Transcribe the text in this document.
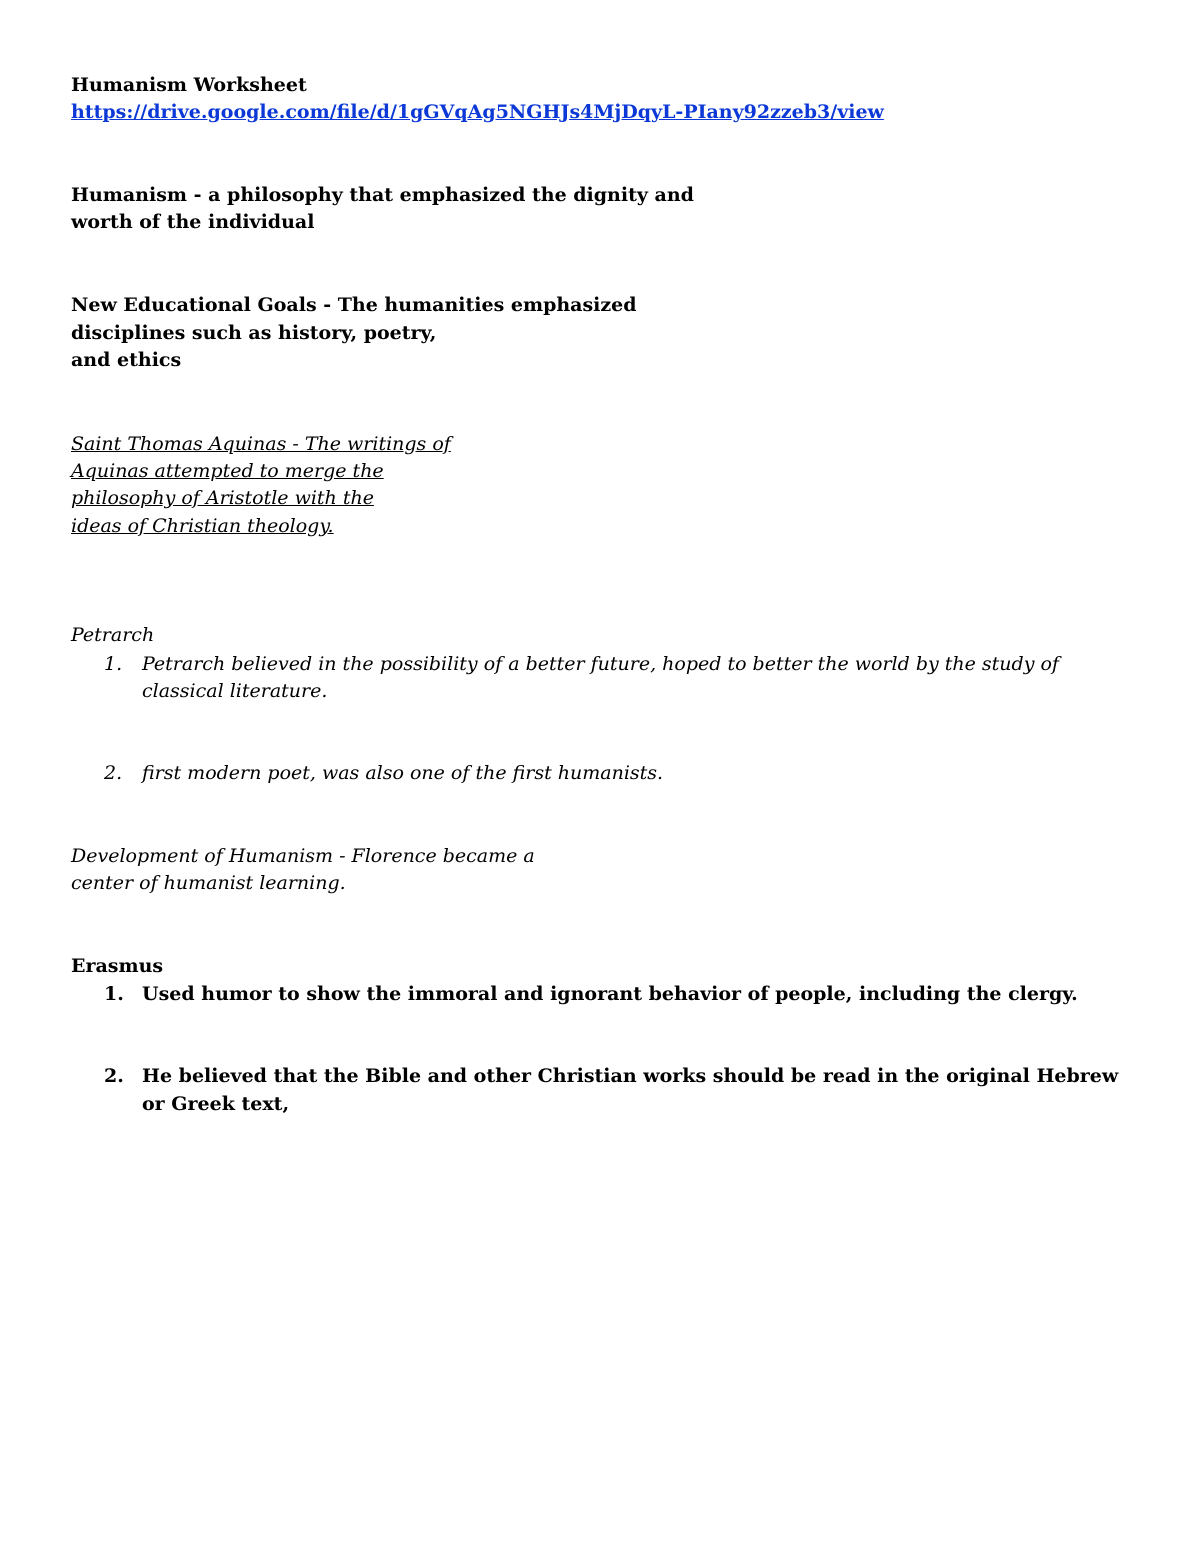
Humanism Worksheet
https://drive.google.com/file/d/1gGVqAg5NGHJs4MjDqyL-PIany92zzeb3/view
Humanism - a philosophy that emphasized the dignity and
worth of the individual
New Educational Goals - The humanities emphasized
disciplines such as history, poetry,
and ethics
Saint Thomas Aquinas - The writings of
Aquinas attempted to merge the
philosophy of Aristotle with the
ideas of Christian theology.
Petrarch
1. Petrarch believed in the possibility of a better future, hoped to better the world by the study of
classical literature.
2. first modern poet, was also one of the first humanists.
Development of Humanism - Florence became a
center of humanist learning.
Erasmus
1. Used humor to show the immoral and ignorant behavior of people, including the clergy.
2. He believed that the Bible and other Christian works should be read in the original Hebrew
or Greek text,
